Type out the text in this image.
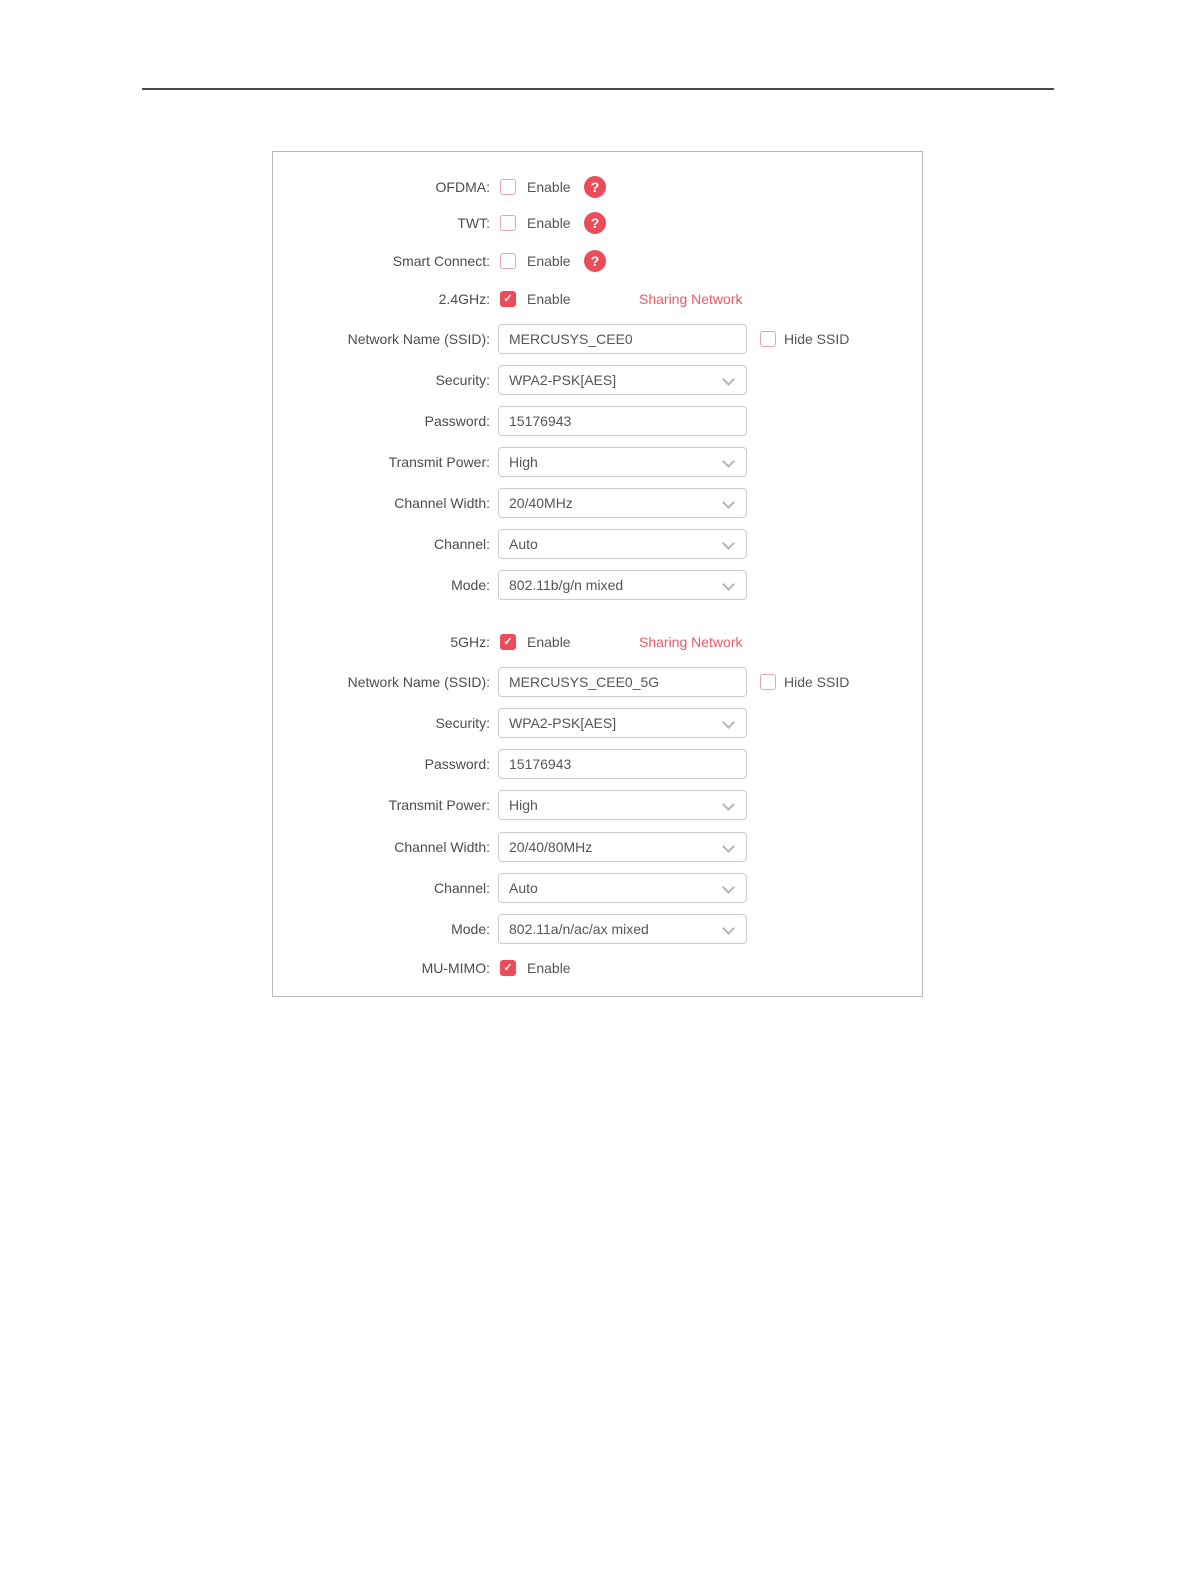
OFDMA:	Enable	?
TWT:	Enable	?
Smart Connect:	Enable	?
2.4GHz:	✓ Enable	Sharing Network
Network Name (SSID):
MERCUSYS_CEE0	Hide SSID
Security: WPA2-PSK[AES]
Password:
15176943
Transmit Power: High
Channel Width: 20/40MHz
Channel: Auto
Mode: 802.11b/g/n mixed
5GHz:	✓ Enable	Sharing Network
Network Name (SSID):
MERCUSYS_CEE0_5G	Hide SSID
Security: WPA2-PSK[AES]
Password:
15176943
Transmit Power: High
Channel Width: 20/40/80MHz
Channel: Auto
Mode: 802.11a/n/ac/ax mixed
MU-MIMO:	✓ Enable
